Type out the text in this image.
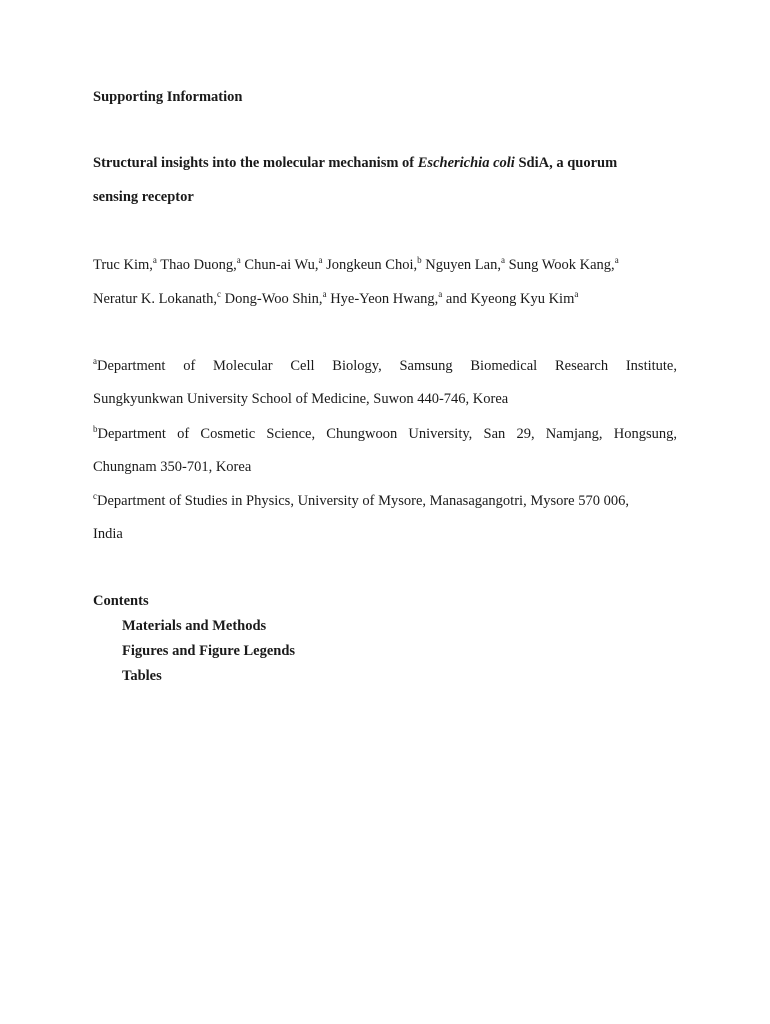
Supporting Information
Structural insights into the molecular mechanism of Escherichia coli SdiA, a quorum
sensing receptor
Truc Kim,$^a$ Thao Duong,$^a$ Chun-ai Wu,$^a$ Jongkeun Choi,$^b$ Nguyen Lan,$^a$ Sung Wook Kang,$^a$
Neratur K. Lokanath,$^c$ Dong-Woo Shin,$^a$ Hye-Yeon Hwang,$^a$ and Kyeong Kyu Kim$^a$
$^a$Department of Molecular Cell Biology, Samsung Biomedical Research Institute,
Sungkyunkwan University School of Medicine, Suwon 440-746, Korea
$^b$Department of Cosmetic Science, Chungwoon University, San 29, Namjang, Hongsung,
Chungnam 350-701, Korea
$^c$Department of Studies in Physics, University of Mysore, Manasagangotri, Mysore 570 006,
India
Contents
Materials and Methods
Figures and Figure Legends
Tables
